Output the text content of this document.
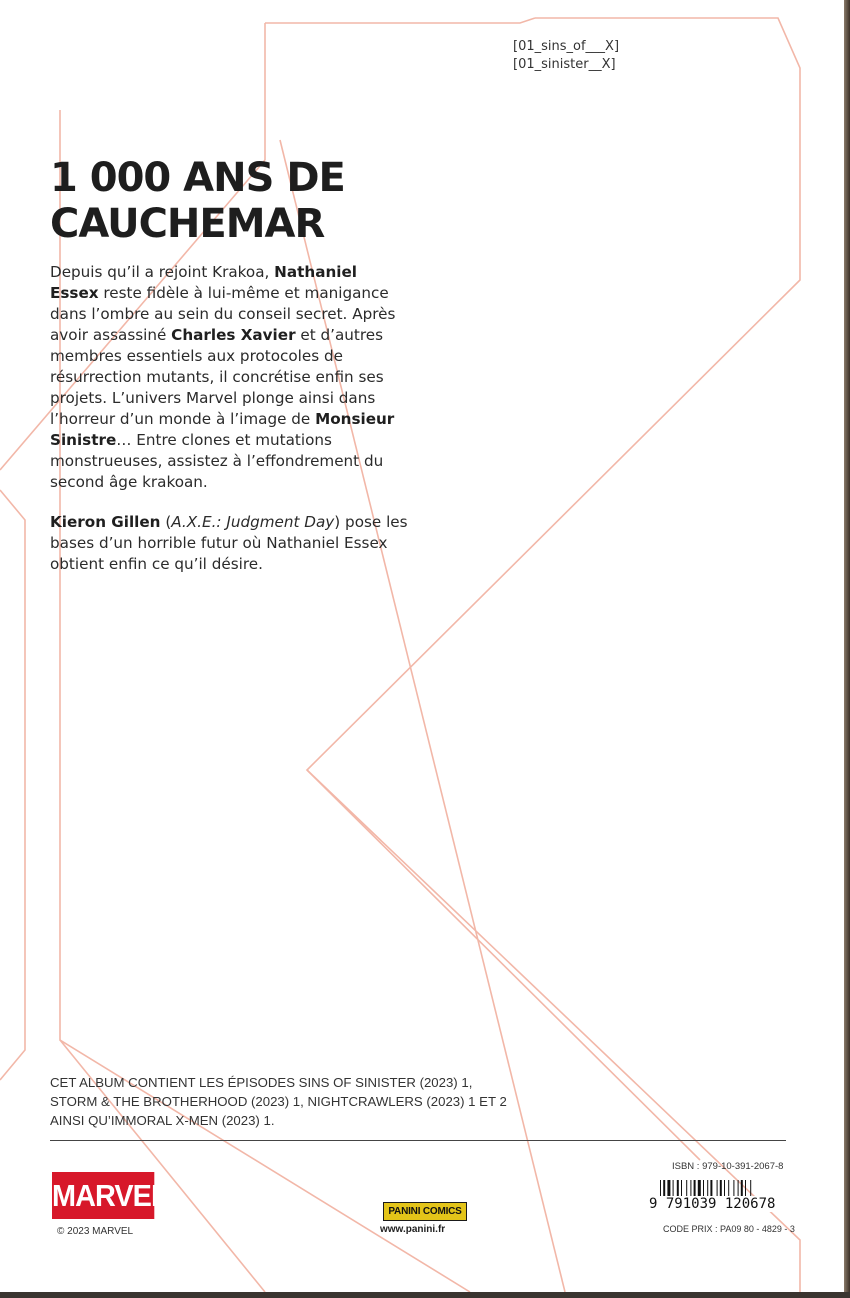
[01_sins_of___X]
[01_sinister__X]
1 000 ANS DE
CAUCHEMAR

Depuis qu’il a rejoint Krakoa, Nathaniel Essex reste fidèle à lui-même et manigance dans l’ombre au sein du conseil secret. Après avoir assassiné Charles Xavier et d’autres membres essentiels aux protocoles de résurrection mutants, il concrétise enfin ses projets. L’univers Marvel plonge ainsi dans l’horreur d’un monde à l’image de Monsieur Sinistre… Entre clones et mutations monstrueuses, assistez à l’effondrement du second âge krakoan.

Kieron Gillen (A.X.E.: Judgment Day) pose les bases d’un horrible futur où Nathaniel Essex obtient enfin ce qu’il désire.

CET ALBUM CONTIENT LES ÉPISODES SINS OF SINISTER (2023) 1,
STORM & THE BROTHERHOOD (2023) 1, NIGHTCRAWLERS (2023) 1 ET 2
AINSI QU’IMMORAL X-MEN (2023) 1.
MARVEL
© 2023 MARVEL
PANINI COMICS
www.panini.fr
ISBN : 979-10-391-2067-8
9 791039 120678
CODE PRIX : PA09 80 - 4829 - 3
